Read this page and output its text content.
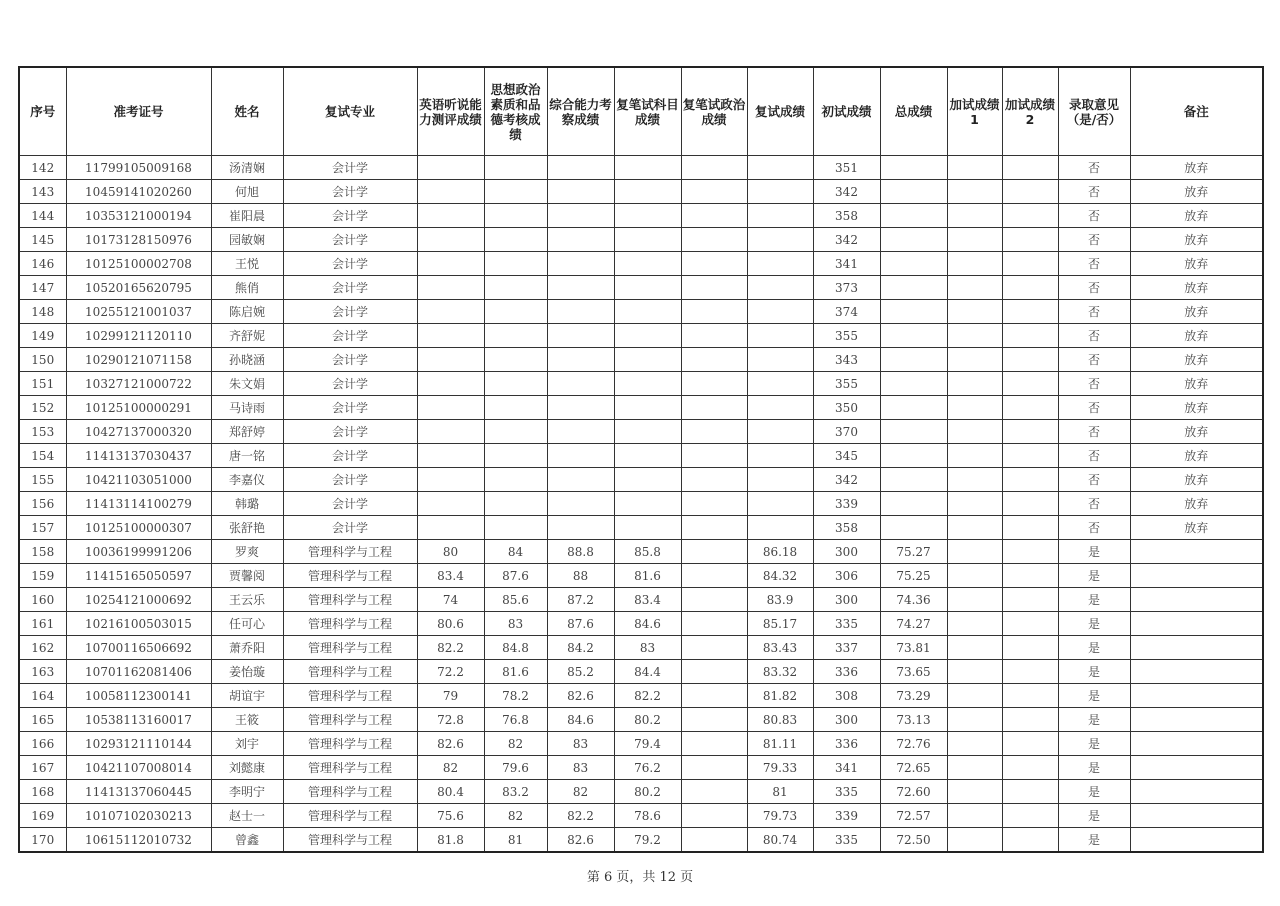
序号	准考证号	姓名	复试专业	英语听说能力测评成绩	思想政治素质和品德考核成绩	综合能力考察成绩	复笔试科目成绩	复笔试政治成绩	复试成绩	初试成绩	总成绩	加试成绩1	加试成绩2	录取意见（是/否）	备注
142	11799105009168	汤清娴	会计学							351				否	放弃
143	10459141020260	何旭	会计学							342				否	放弃
144	10353121000194	崔阳晨	会计学							358				否	放弃
145	10173128150976	园敏娴	会计学							342				否	放弃
146	10125100002708	王悦	会计学							341				否	放弃
147	10520165620795	熊俏	会计学							373				否	放弃
148	10255121001037	陈启婉	会计学							374				否	放弃
149	10299121120110	齐舒妮	会计学							355				否	放弃
150	10290121071158	孙晓涵	会计学							343				否	放弃
151	10327121000722	朱文娟	会计学							355				否	放弃
152	10125100000291	马诗雨	会计学							350				否	放弃
153	10427137000320	郑舒婷	会计学							370				否	放弃
154	11413137030437	唐一铭	会计学							345				否	放弃
155	10421103051000	李嘉仪	会计学							342				否	放弃
156	11413114100279	韩璐	会计学							339				否	放弃
157	10125100000307	张舒艳	会计学							358				否	放弃
158	10036199991206	罗爽	管理科学与工程	80	84	88.8	85.8		86.18	300	75.27			是	
159	11415165050597	贾馨阅	管理科学与工程	83.4	87.6	88	81.6		84.32	306	75.25			是	
160	10254121000692	王云乐	管理科学与工程	74	85.6	87.2	83.4		83.9	300	74.36			是	
161	10216100503015	任可心	管理科学与工程	80.6	83	87.6	84.6		85.17	335	74.27			是	
162	10700116506692	萧乔阳	管理科学与工程	82.2	84.8	84.2	83		83.43	337	73.81			是	
163	10701162081406	姜怡璇	管理科学与工程	72.2	81.6	85.2	84.4		83.32	336	73.65			是	
164	10058112300141	胡谊宇	管理科学与工程	79	78.2	82.6	82.2		81.82	308	73.29			是	
165	10538113160017	王筱	管理科学与工程	72.8	76.8	84.6	80.2		80.83	300	73.13			是	
166	10293121110144	刘宇	管理科学与工程	82.6	82	83	79.4		81.11	336	72.76			是	
167	10421107008014	刘懿康	管理科学与工程	82	79.6	83	76.2		79.33	341	72.65			是	
168	11413137060445	李明宁	管理科学与工程	80.4	83.2	82	80.2		81	335	72.60			是	
169	10107102030213	赵士一	管理科学与工程	75.6	82	82.2	78.6		79.73	339	72.57			是	
170	10615112010732	曾鑫	管理科学与工程	81.8	81	82.6	79.2		80.74	335	72.50			是	
第 6 页，共 12 页
